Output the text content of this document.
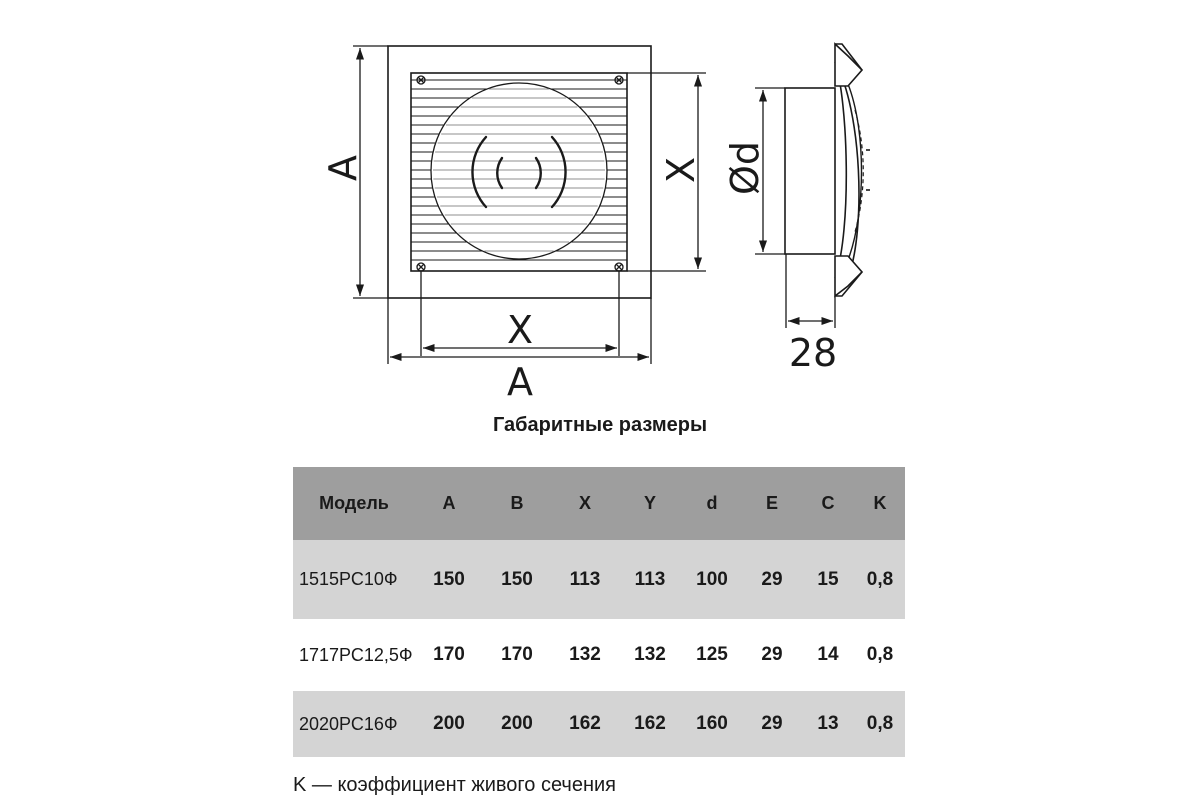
A	X
X
A
Ød
28
Габаритные размеры
Модель	A	B	X	Y	d	E	C	K
1515РС10Ф	150	150	113	113	100	29	15	0,8
1717РС12,5Ф	170	170	132	132	125	29	14	0,8
2020РС16Ф	200	200	162	162	160	29	13	0,8
K — коэффициент живого сечения
